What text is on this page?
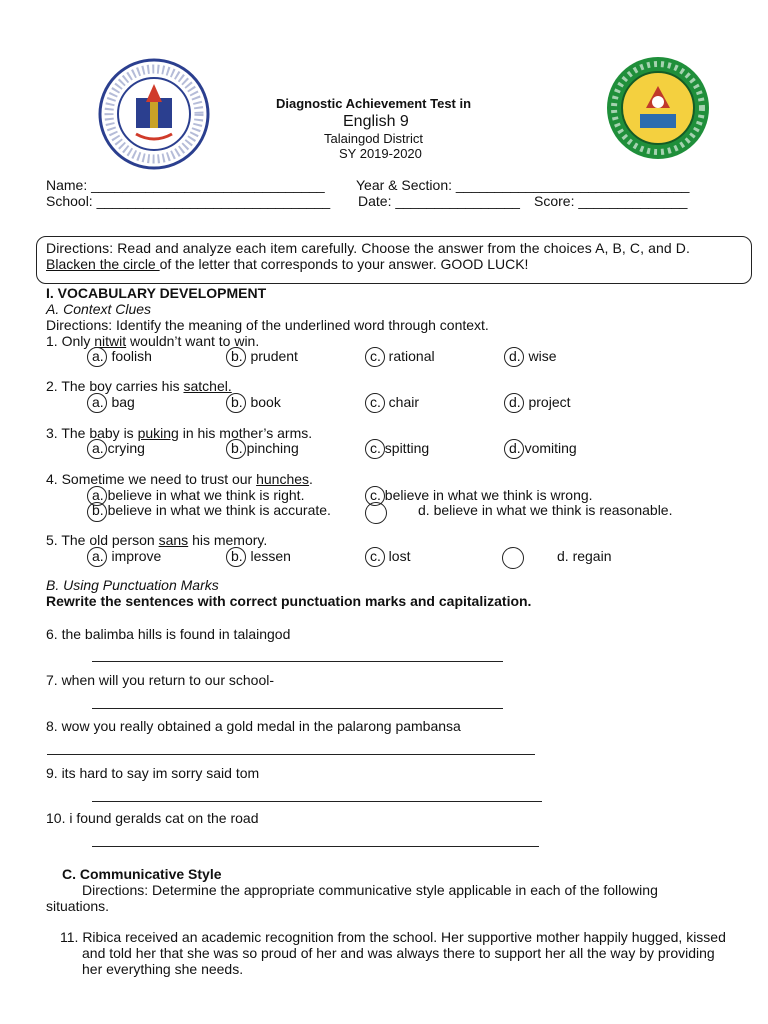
Diagnostic Achievement Test in
English 9
Talaingod District
SY 2019-2020
Name: ______________________________
School: ______________________________
Year & Section: ______________________________
Date: ________________ Score: ______________
Directions: Read and analyze each item carefully. Choose the answer from the choices A, B, C, and D.
Blacken the circle of the letter that corresponds to your answer. GOOD LUCK!
I. VOCABULARY DEVELOPMENT
A. Context Clues
Directions: Identify the meaning of the underlined word through context.
1. Only nitwit wouldn’t want to win.
a. foolish	b. prudent	c. rational	d. wise
2. The boy carries his satchel.
a. bag	b. book	c. chair	d. project
3. The baby is puking in his mother’s arms.
a. crying	b. pinching	c. spitting	d. vomiting
4. Sometime we need to trust our hunches.
a. believe in what we think is right.
b. believe in what we think is accurate.
c. believe in what we think is wrong.
d. believe in what we think is reasonable.
5. The old person sans his memory.
a. improve	b. lessen	c. lost	d. regain
B. Using Punctuation Marks
Rewrite the sentences with correct punctuation marks and capitalization.
6. the balimba hills is found in talaingod
7. when will you return to our school-
8. wow you really obtained a gold medal in the palarong pambansa
9. its hard to say im sorry said tom
10. i found geralds cat on the road
C. Communicative Style
Directions: Determine the appropriate communicative style applicable in each of the following
situations.
11. Ribica received an academic recognition from the school. Her supportive mother happily hugged, kissed
and told her that she was so proud of her and was always there to support her all the way by providing
her everything she needs.
